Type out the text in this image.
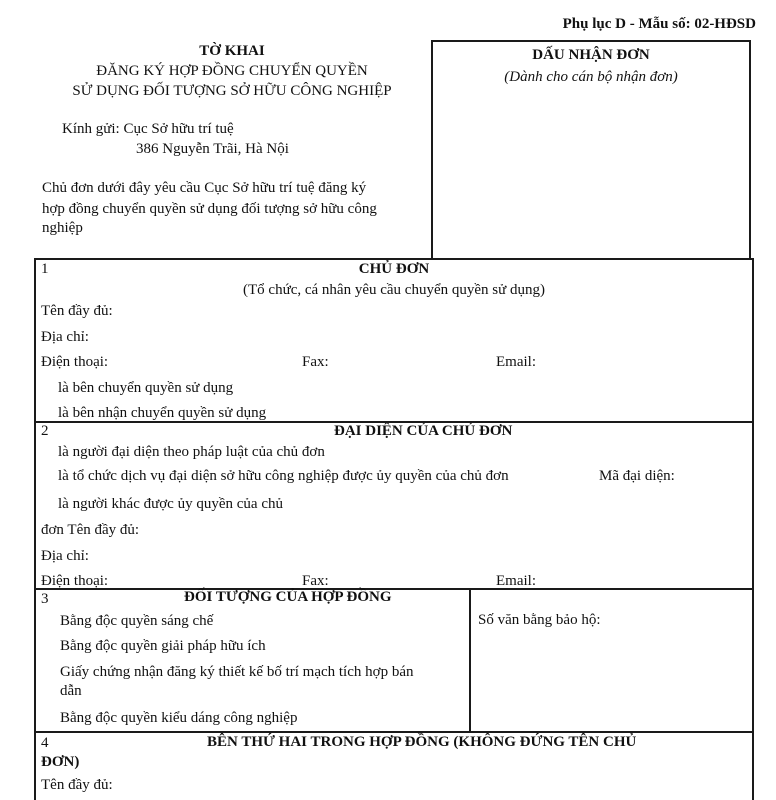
Phụ lục D - Mẫu số: 02-HĐSD
TỜ KHAI
ĐĂNG KÝ HỢP ĐỒNG CHUYỂN QUYỀN
SỬ DỤNG ĐỐI TƯỢNG SỞ HỮU CÔNG NGHIỆP
Kính gửi: Cục Sở hữu trí tuệ
386 Nguyễn Trãi, Hà Nội
Chủ đơn dưới đây yêu cầu Cục Sở hữu trí tuệ đăng ký
hợp đồng chuyển quyền sử dụng đối tượng sở hữu công
nghiệp
DẤU NHẬN ĐƠN
(Dành cho cán bộ nhận đơn)
1	CHỦ ĐƠN
(Tổ chức, cá nhân yêu cầu chuyển quyền sử dụng)
Tên đầy đủ:
Địa chỉ:
Điện thoại:	Fax:	Email:
là bên chuyển quyền sử dụng
là bên nhận chuyển quyền sử dụng
2	ĐẠI DIỆN CỦA CHỦ ĐƠN
là người đại diện theo pháp luật của chủ đơn
là tổ chức dịch vụ đại diện sở hữu công nghiệp được ủy quyền của chủ đơn	Mã đại diện:
là người khác được ủy quyền của chủ
đơn Tên đầy đủ:
Địa chỉ:
Điện thoại:	Fax:	Email:
3	ĐỐI TƯỢNG CỦA HỢP ĐỒNG
Bằng độc quyền sáng chế
Bằng độc quyền giải pháp hữu ích
Giấy chứng nhận đăng ký thiết kế bố trí mạch tích hợp bán
dẫn
Bằng độc quyền kiểu dáng công nghiệp
Số văn bằng bảo hộ:
4	BÊN THỨ HAI TRONG HỢP ĐỒNG (KHÔNG ĐỨNG TÊN CHỦ
ĐƠN)
Tên đầy đủ:
